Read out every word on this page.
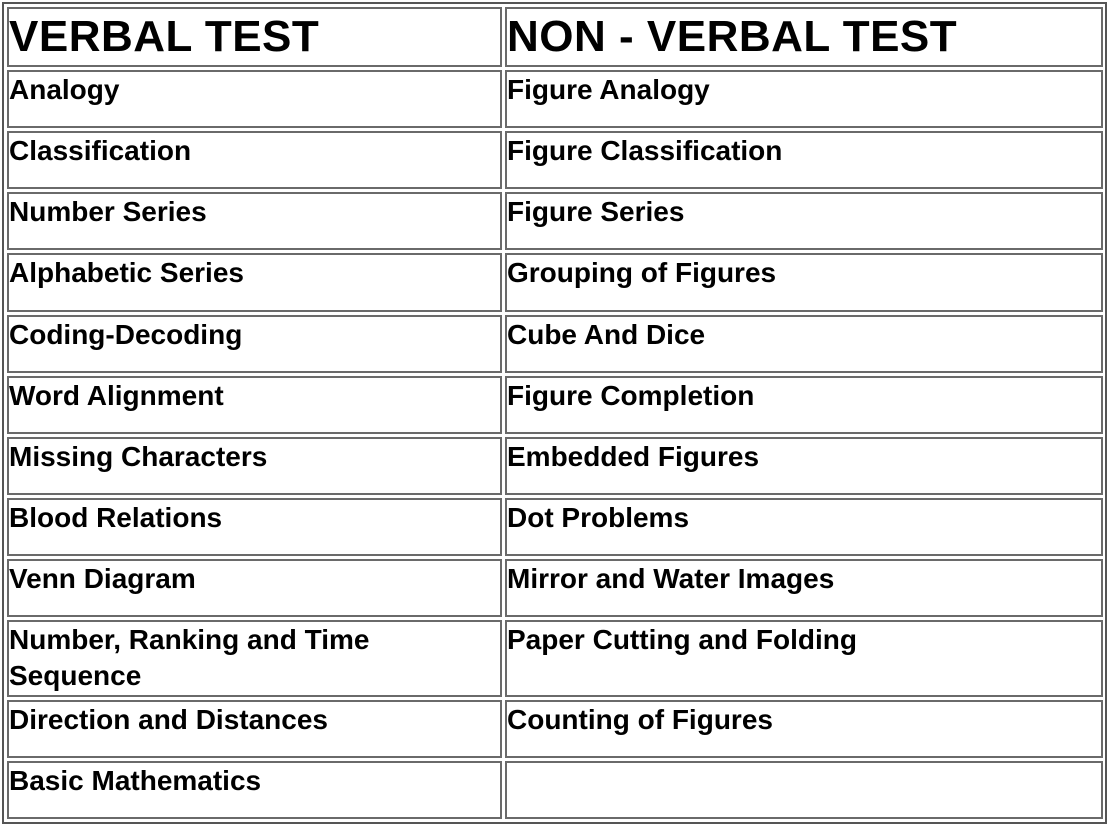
VERBAL TEST	NON - VERBAL TEST
Analogy	Figure Analogy
Classification	Figure Classification
Number Series	Figure Series
Alphabetic Series	Grouping of Figures
Coding-Decoding	Cube And Dice
Word Alignment	Figure Completion
Missing Characters	Embedded Figures
Blood Relations	Dot Problems
Venn Diagram	Mirror and Water Images
Number, Ranking and Time Sequence	Paper Cutting and Folding
Direction and Distances	Counting of Figures
Basic Mathematics	
